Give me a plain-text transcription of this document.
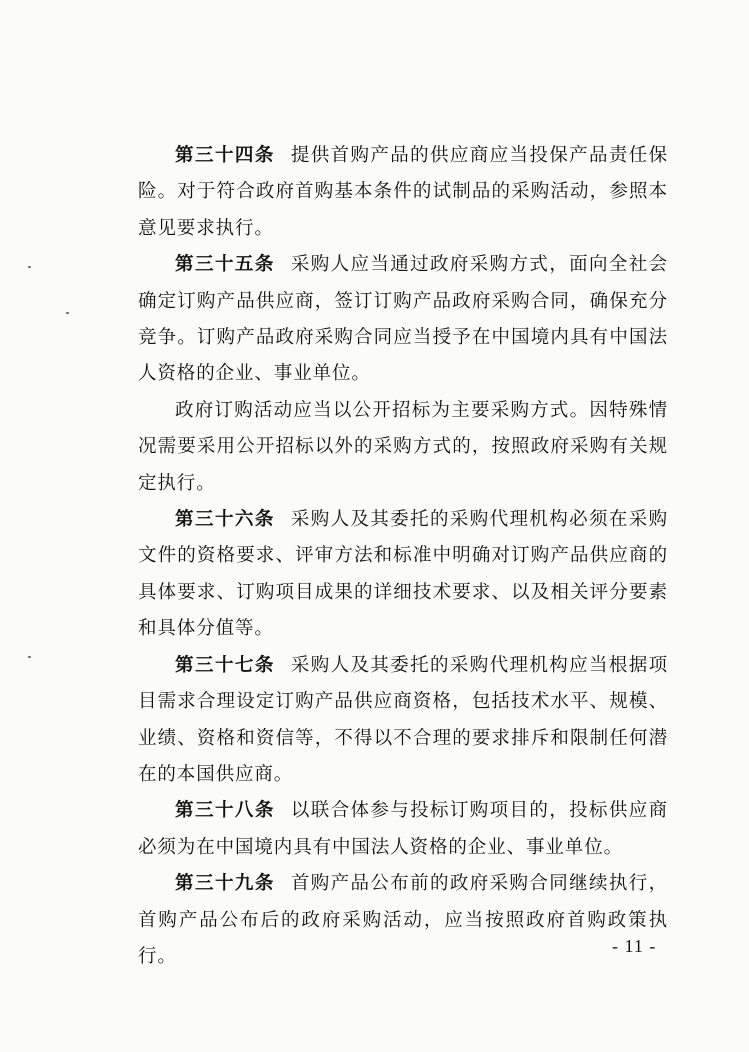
第三十四条 提供首购产品的供应商应当投保产品责任保险。对于符合政府首购基本条件的试制品的采购活动，参照本意见要求执行。

第三十五条 采购人应当通过政府采购方式，面向全社会确定订购产品供应商，签订订购产品政府采购合同，确保充分竞争。订购产品政府采购合同应当授予在中国境内具有中国法人资格的企业、事业单位。

政府订购活动应当以公开招标为主要采购方式。因特殊情况需要采用公开招标以外的采购方式的，按照政府采购有关规定执行。

第三十六条 采购人及其委托的采购代理机构必须在采购文件的资格要求、评审方法和标准中明确对订购产品供应商的具体要求、订购项目成果的详细技术要求、以及相关评分要素和具体分值等。

第三十七条 采购人及其委托的采购代理机构应当根据项目需求合理设定订购产品供应商资格，包括技术水平、规模、业绩、资格和资信等，不得以不合理的要求排斥和限制任何潜在的本国供应商。

第三十八条 以联合体参与投标订购项目的，投标供应商必须为在中国境内具有中国法人资格的企业、事业单位。

第三十九条 首购产品公布前的政府采购合同继续执行，首购产品公布后的政府采购活动，应当按照政府首购政策执行。	- 11 -
